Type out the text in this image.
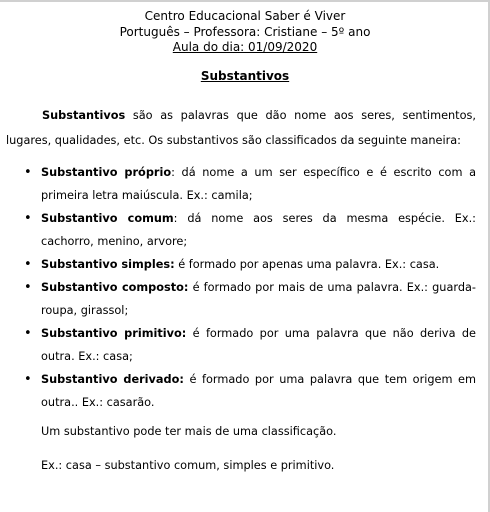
Centro Educacional Saber é Viver
Português – Professora: Cristiane – 5º ano
Aula do dia: 01/09/2020
Substantivos

Substantivos são as palavras que dão nome aos seres, sentimentos, lugares, qualidades, etc. Os substantivos são classificados da seguinte maneira:

• Substantivo próprio: dá nome a um ser específico e é escrito com a primeira letra maiúscula. Ex.: camila;
• Substantivo comum: dá nome aos seres da mesma espécie. Ex.: cachorro, menino, arvore;
• Substantivo simples: é formado por apenas uma palavra. Ex.: casa.
• Substantivo composto: é formado por mais de uma palavra. Ex.: guarda-roupa, girassol;
• Substantivo primitivo: é formado por uma palavra que não deriva de outra. Ex.: casa;
• Substantivo derivado: é formado por uma palavra que tem origem em outra.. Ex.: casarão.

Um substantivo pode ter mais de uma classificação.

Ex.: casa – substantivo comum, simples e primitivo.
